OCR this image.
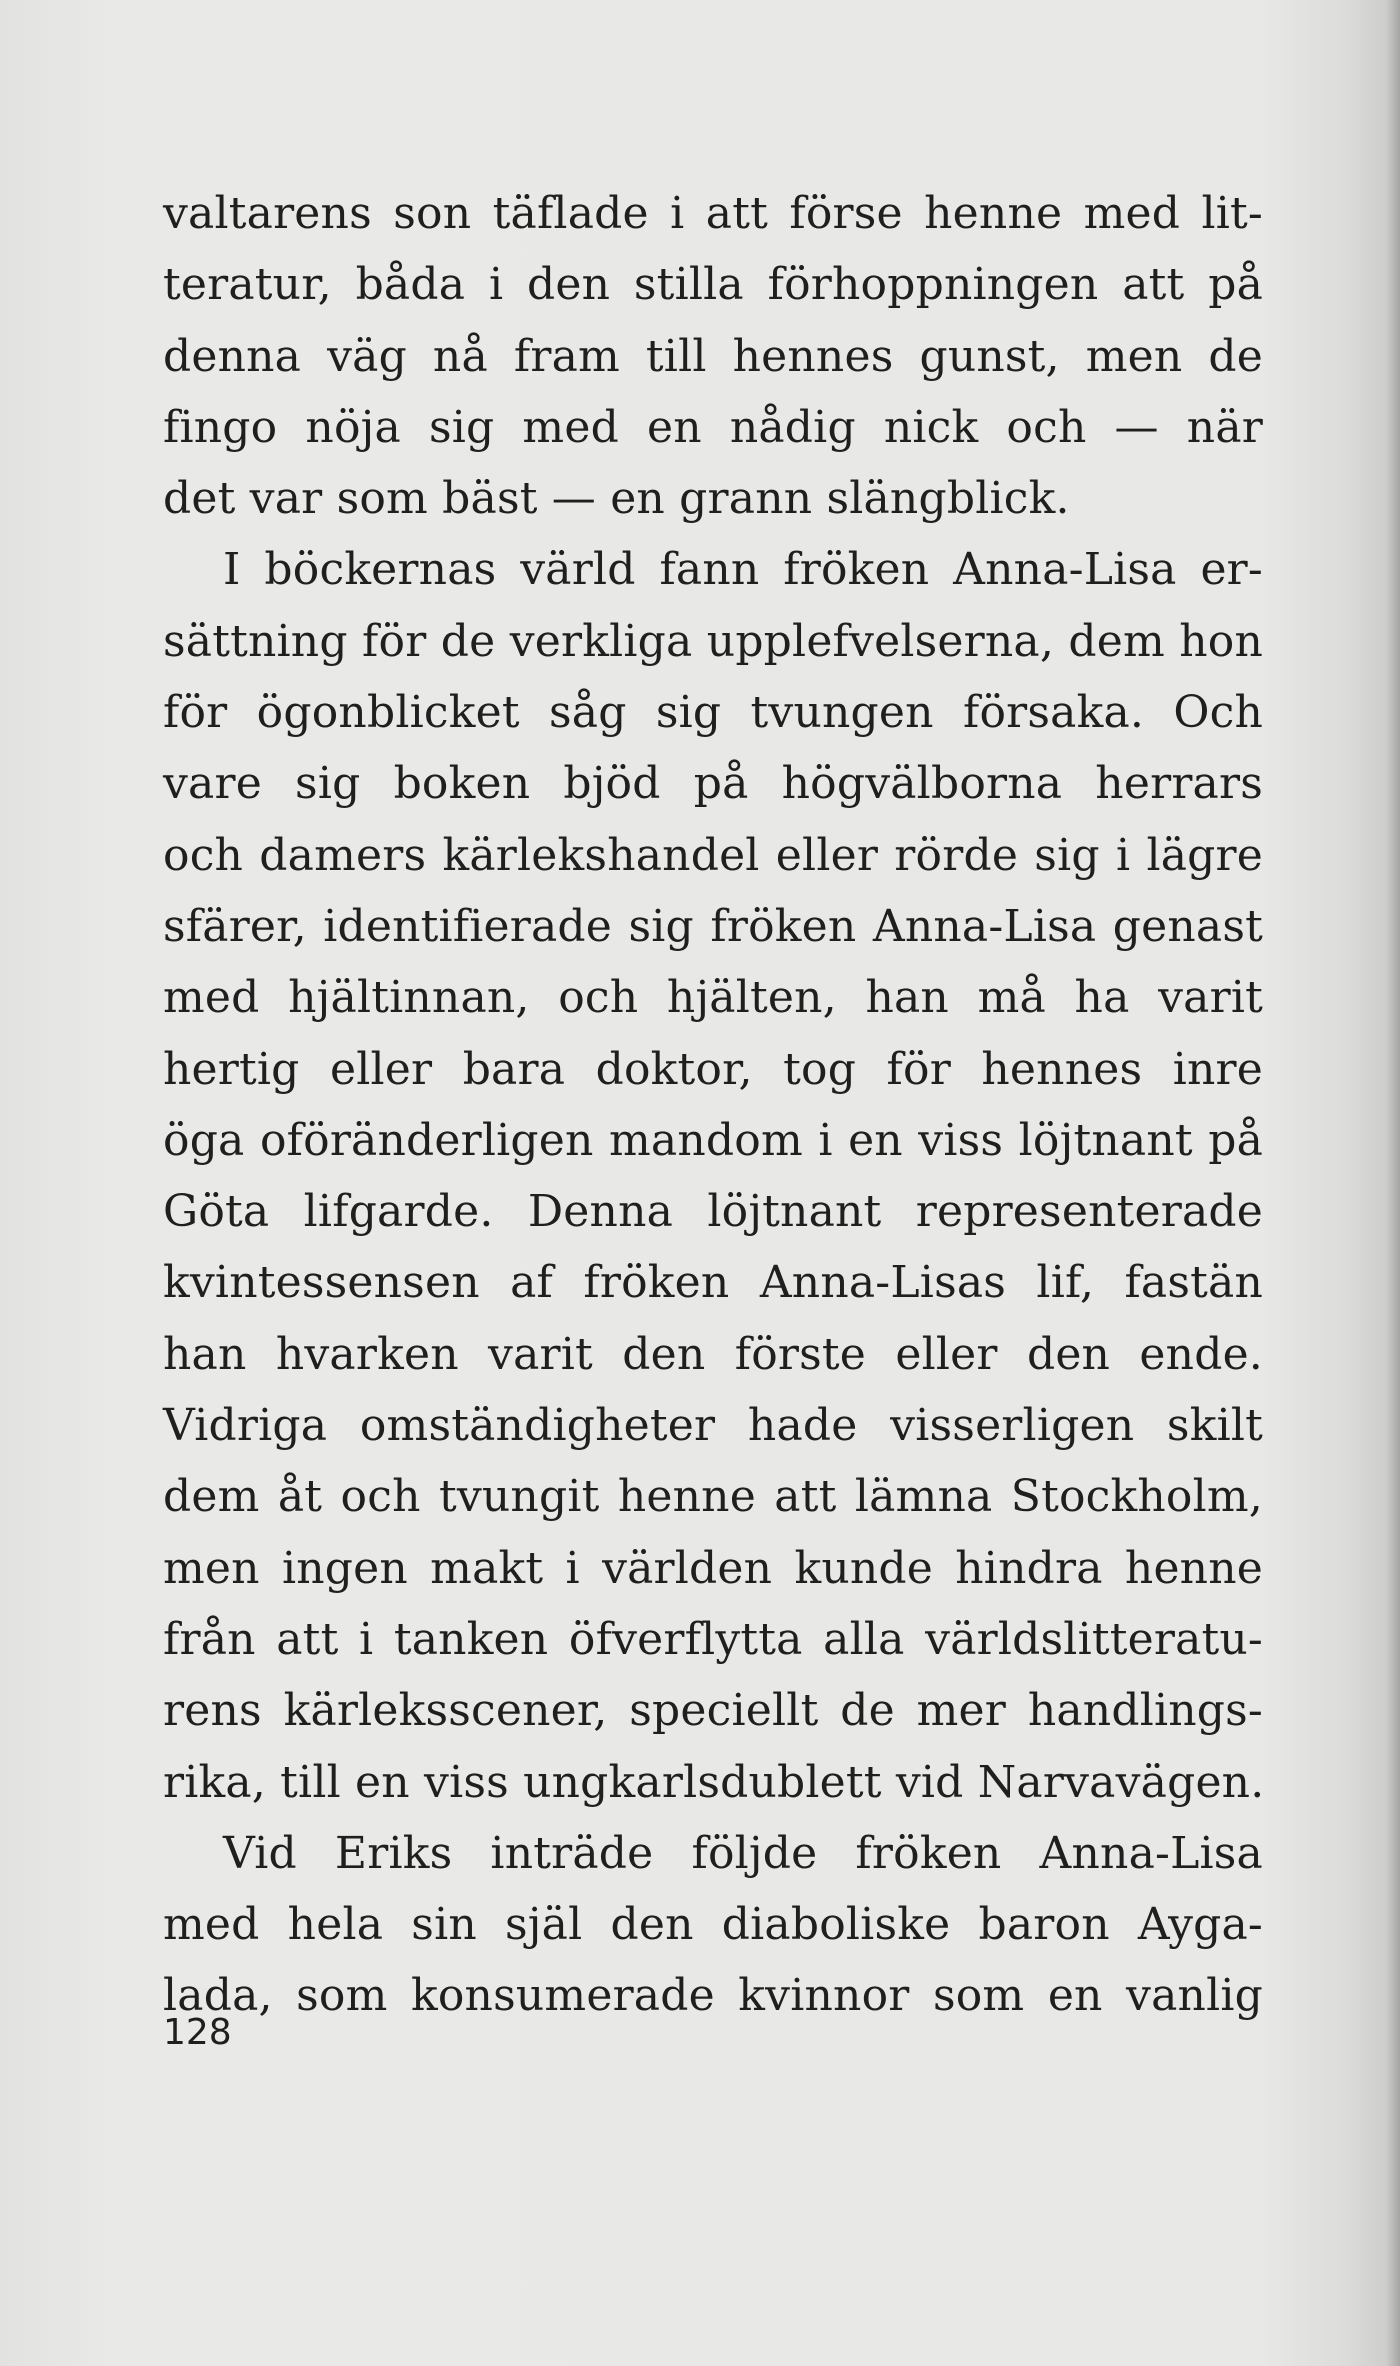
valtarens son täflade i att förse henne med lit-
teratur, båda i den stilla förhoppningen att på
denna väg nå fram till hennes gunst, men de
fingo nöja sig med en nådig nick och — när
det var som bäst — en grann slängblick.
I böckernas värld fann fröken Anna-Lisa er-
sättning för de verkliga upplefvelserna, dem hon
för ögonblicket såg sig tvungen försaka. Och
vare sig boken bjöd på högvälborna herrars
och damers kärlekshandel eller rörde sig i lägre
sfärer, identifierade sig fröken Anna-Lisa genast
med hjältinnan, och hjälten, han må ha varit
hertig eller bara doktor, tog för hennes inre
öga oföränderligen mandom i en viss löjtnant på
Göta lifgarde. Denna löjtnant representerade
kvintessensen af fröken Anna-Lisas lif, fastän
han hvarken varit den förste eller den ende.
Vidriga omständigheter hade visserligen skilt
dem åt och tvungit henne att lämna Stockholm,
men ingen makt i världen kunde hindra henne
från att i tanken öfverflytta alla världslitteratu-
rens kärleksscener, speciellt de mer handlings-
rika, till en viss ungkarlsdublett vid Narvavägen.
Vid Eriks inträde följde fröken Anna-Lisa
med hela sin själ den diaboliske baron Ayga-
lada, som konsumerade kvinnor som en vanlig
128
